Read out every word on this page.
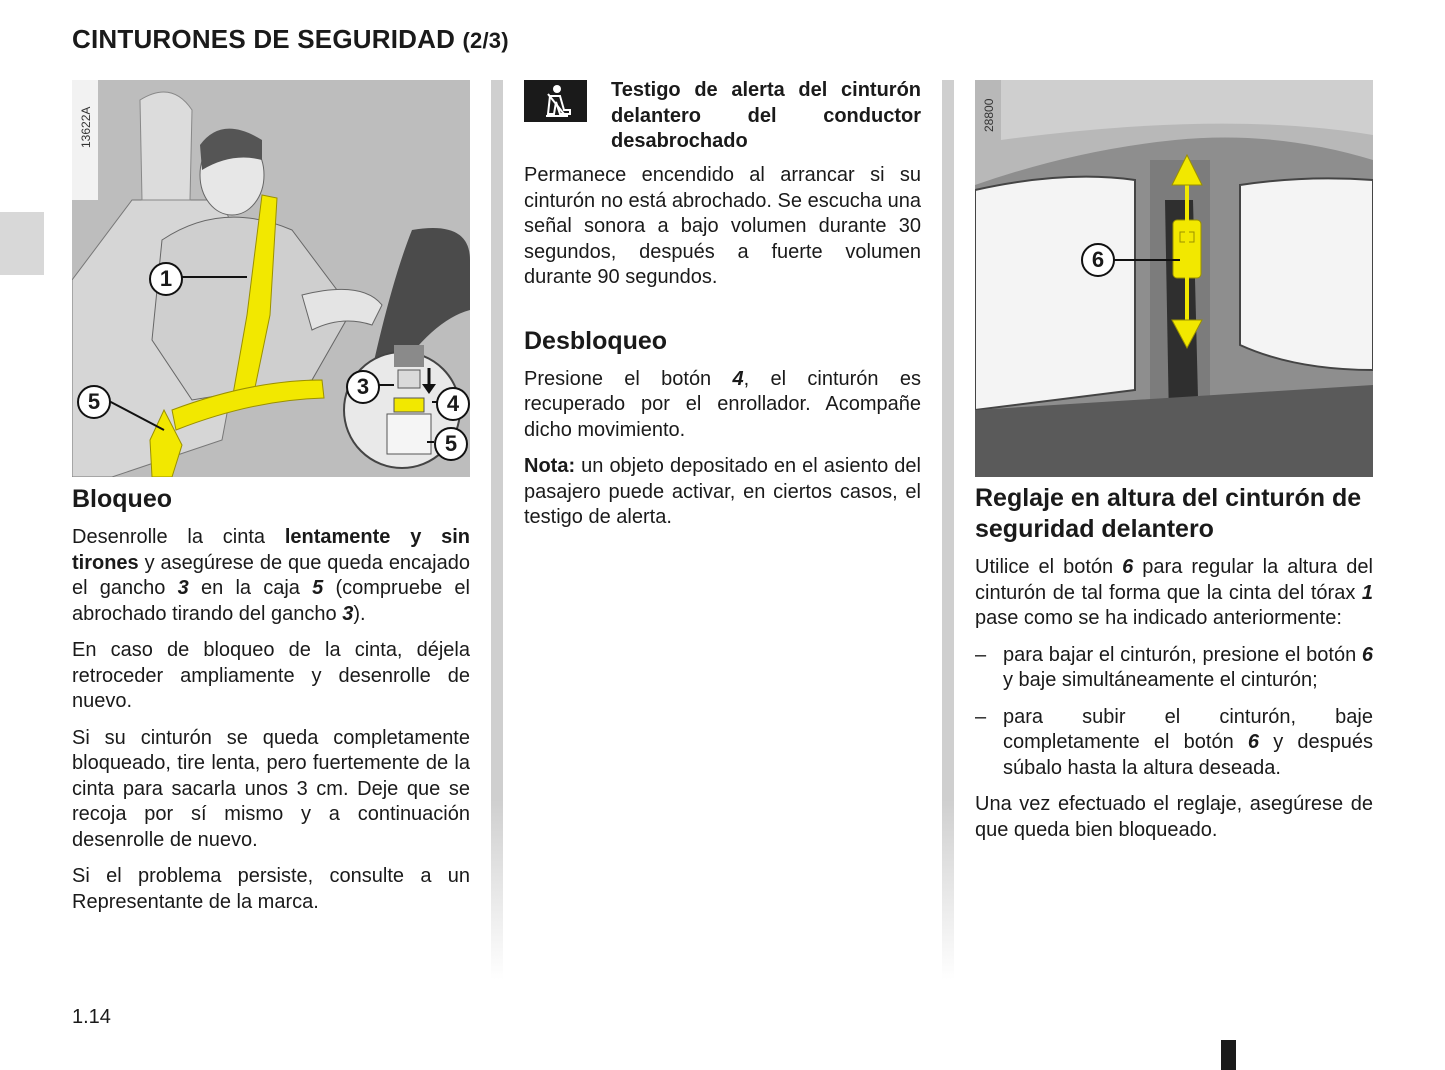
CINTURONES DE SEGURIDAD (2/3)
13622A
1
3
4
5
5
Bloqueo

Desenrolle la cinta lentamente y sin tirones y asegúrese de que queda encajado el gancho 3 en la caja 5 (compruebe el abrochado tirando del gancho 3).

En caso de bloqueo de la cinta, déjela retroceder ampliamente y desenrolle de nuevo.

Si su cinturón se queda completamente bloqueado, tire lenta, pero fuertemente de la cinta para sacarla unos 3 cm. Deje que se recoja por sí mismo y a continuación desenrolle de nuevo.

Si el problema persiste, consulte a un Representante de la marca.

Testigo de alerta del cinturón delantero del conductor desabrochado

Permanece encendido al arrancar si su cinturón no está abrochado. Se escucha una señal sonora a bajo volumen durante 30 segundos, después a fuerte volumen durante 90 segundos.

Desbloqueo

Presione el botón 4, el cinturón es recuperado por el enrollador. Acompañe dicho movimiento.

Nota: un objeto depositado en el asiento del pasajero puede activar, en ciertos casos, el testigo de alerta.

28800
6
Reglaje en altura del cinturón de seguridad delantero

Utilice el botón 6 para regular la altura del cinturón de tal forma que la cinta del tórax 1 pase como se ha indicado anteriormente:

– para bajar el cinturón, presione el botón 6 y baje simultáneamente el cinturón;
– para subir el cinturón, baje completamente el botón 6 y después súbalo hasta la altura deseada.

Una vez efectuado el reglaje, asegúrese de que queda bien bloqueado.

1.14
